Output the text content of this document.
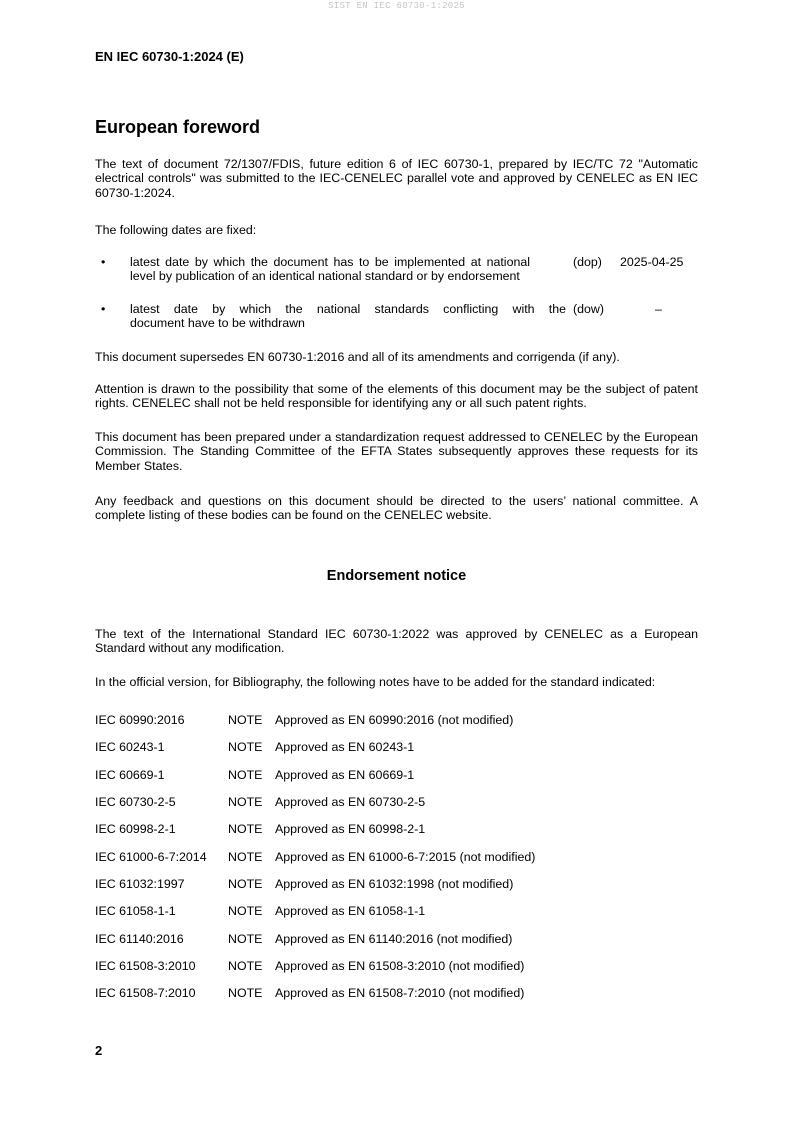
SIST EN IEC 60730-1:2025
EN IEC 60730-1:2024 (E)
European foreword

The text of document 72/1307/FDIS, future edition 6 of IEC 60730-1, prepared by IEC/TC 72 "Automatic electrical controls" was submitted to the IEC-CENELEC parallel vote and approved by CENELEC as EN IEC 60730-1:2024.

The following dates are fixed:

• latest date by which the document has to be implemented at national
level by publication of an identical national standard or by endorsement
(dop) 2025-04-25
• latest date by which the national standards conflicting with the
document have to be withdrawn
(dow)	–

This document supersedes EN 60730-1:2016 and all of its amendments and corrigenda (if any).

Attention is drawn to the possibility that some of the elements of this document may be the subject of patent rights. CENELEC shall not be held responsible for identifying any or all such patent rights.

This document has been prepared under a standardization request addressed to CENELEC by the European Commission. The Standing Committee of the EFTA States subsequently approves these requests for its Member States.

Any feedback and questions on this document should be directed to the users’ national committee. A complete listing of these bodies can be found on the CENELEC website.

Endorsement notice

The text of the International Standard IEC 60730-1:2022 was approved by CENELEC as a European Standard without any modification.

In the official version, for Bibliography, the following notes have to be added for the standard indicated:

IEC 60990:2016	NOTE Approved as EN 60990:2016 (not modified)
IEC 60243-1	NOTE Approved as EN 60243-1
IEC 60669-1	NOTE Approved as EN 60669-1
IEC 60730-2-5	NOTE Approved as EN 60730-2-5
IEC 60998-2-1	NOTE Approved as EN 60998-2-1
IEC 61000-6-7:2014 NOTE Approved as EN 61000-6-7:2015 (not modified)
IEC 61032:1997	NOTE Approved as EN 61032:1998 (not modified)
IEC 61058-1-1	NOTE Approved as EN 61058-1-1
IEC 61140:2016	NOTE Approved as EN 61140:2016 (not modified)
IEC 61508-3:2010	NOTE Approved as EN 61508-3:2010 (not modified)
IEC 61508-7:2010	NOTE Approved as EN 61508-7:2010 (not modified)
2
